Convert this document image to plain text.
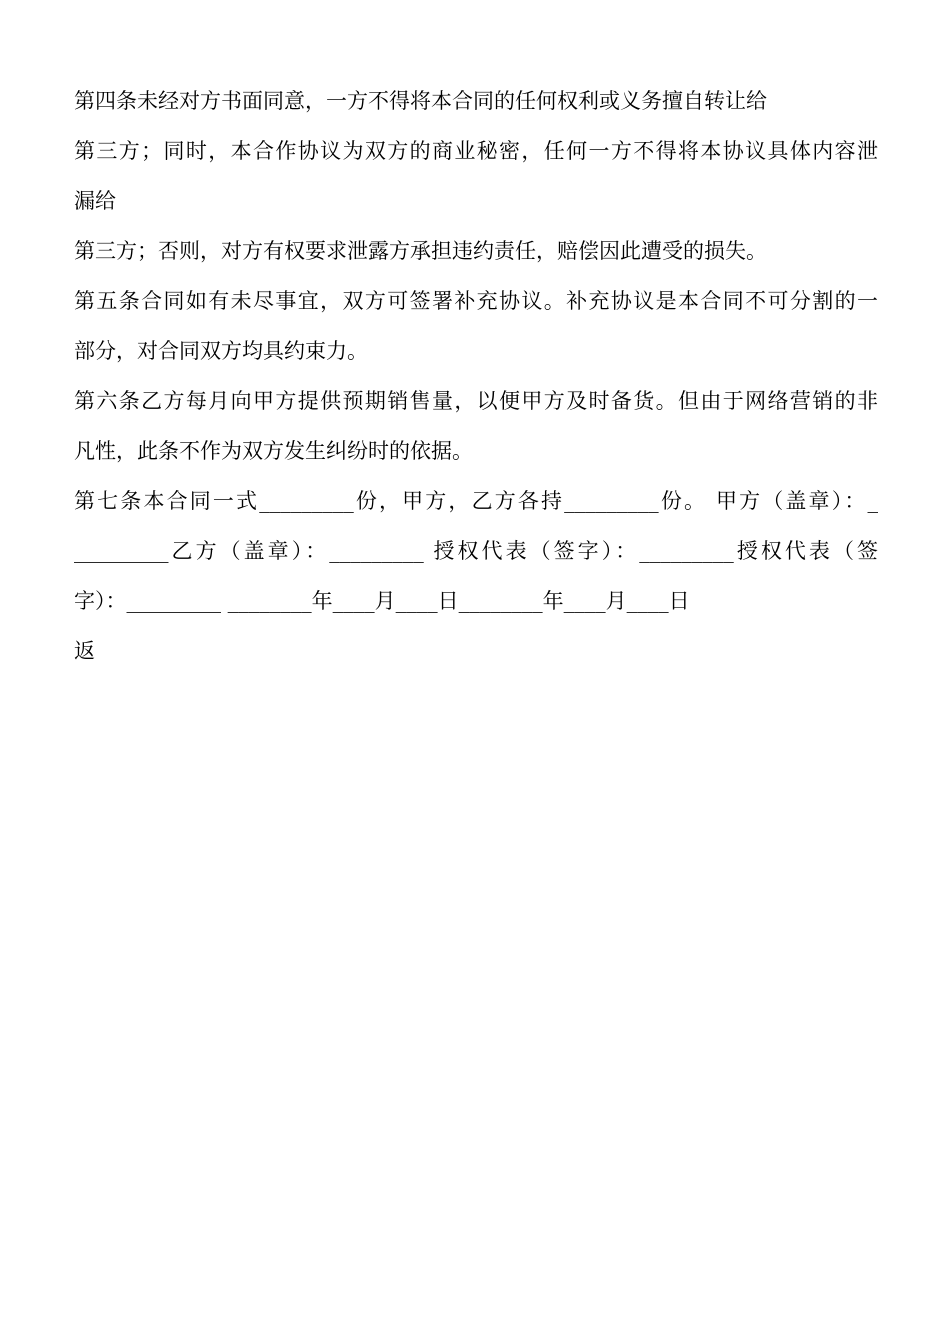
第四条未经对方书面同意，一方不得将本合同的任何权利或义务擅自转让给
第三方；同时，本合作协议为双方的商业秘密，任何一方不得将本协议具体内容泄
漏给
第三方；否则，对方有权要求泄露方承担违约责任，赔偿因此遭受的损失。
第五条合同如有未尽事宜，双方可签署补充协议。补充协议是本合同不可分割的一
部分，对合同双方均具约束力。
第六条乙方每月向甲方提供预期销售量，以便甲方及时备货。但由于网络营销的非
凡性，此条不作为双方发生纠纷时的依据。
第七条本合同一式_________份，甲方，乙方各持_________份。 甲方（盖章）：_
_________乙方（盖章）：_________ 授权代表（签字）：_________授权代表（签
字）：_________ ________年____月____日________年____月____日
返
